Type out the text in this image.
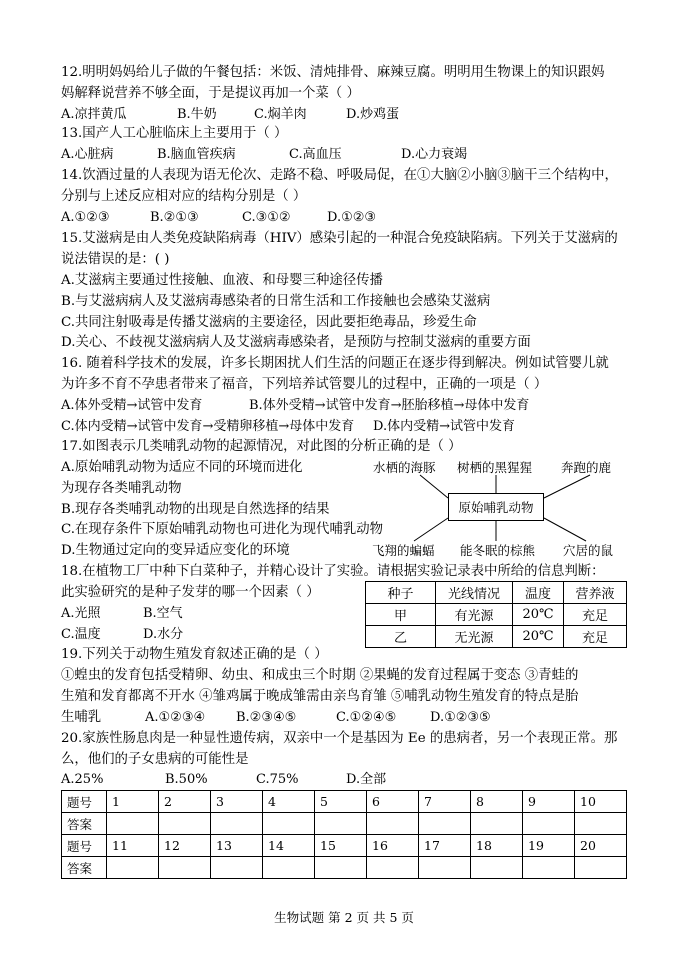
12.明明妈妈给儿子做的午餐包括：米饭、清炖排骨、麻辣豆腐。明明用生物课上的知识跟妈
妈解释说营养不够全面，于是提议再加一个菜（ ）
A.凉拌黄瓜	B.牛奶	C.焖羊肉	D.炒鸡蛋
13.国产人工心脏临床上主要用于（ ）
A.心脏病	B.脑血管疾病	C.高血压	D.心力衰竭
14.饮酒过量的人表现为语无伦次、走路不稳、呼吸局促，在①大脑②小脑③脑干三个结构中，
分别与上述反应相对应的结构分别是（ ）
A.①②③	B.②①③	C.③①②	D.①②③
15.艾滋病是由人类免疫缺陷病毒（HIV）感染引起的一种混合免疫缺陷病。下列关于艾滋病的
说法错误的是：( )
A.艾滋病主要通过性接触、血液、和母婴三种途径传播
B.与艾滋病病人及艾滋病毒感染者的日常生活和工作接触也会感染艾滋病
C.共同注射吸毒是传播艾滋病的主要途径，因此要拒绝毒品，珍爱生命
D.关心、不歧视艾滋病病人及艾滋病毒感染者，是预防与控制艾滋病的重要方面
16. 随着科学技术的发展，许多长期困扰人们生活的问题正在逐步得到解决。例如试管婴儿就
为许多不育不孕患者带来了福音，下列培养试管婴儿的过程中，正确的一项是（ ）
A.体外受精→试管中发育	B.体外受精→试管中发育→胚胎移植→母体中发育
C.体内受精→试管中发育→受精卵移植→母体中发育 D.体内受精→试管中发育
17.如图表示几类哺乳动物的起源情况，对此图的分析正确的是（ ）
A.原始哺乳动物为适应不同的环境而进化
为现存各类哺乳动物
B.现存各类哺乳动物的出现是自然选择的结果
C.在现存条件下原始哺乳动物也可进化为现代哺乳动物
D.生物通过定向的变异适应变化的环境
水栖的海豚 树栖的黑猩猩 奔跑的鹿
原始哺乳动物
飞翔的蝙蝠 能冬眠的棕熊 穴居的鼠
18.在植物工厂中种下白菜种子，并精心设计了实验。请根据实验记录表中所给的信息判断：
此实验研究的是种子发芽的哪一个因素（ ）
A.光照	B.空气
C.温度	D.水分
种子	光线情况	温度	营养液
甲	有光源	20℃	充足
乙	无光源	20℃	充足
19.下列关于动物生殖发育叙述正确的是（ ）
①蝗虫的发育包括受精卵、幼虫、和成虫三个时期 ②果蝇的发育过程属于变态 ③青蛙的
生殖和发育都离不开水 ④雏鸡属于晚成雏需由亲鸟育雏 ⑤哺乳动物生殖发育的特点是胎
生哺乳	A.①②③④ B.②③④⑤	C.①②④⑤	D.①②③⑤
20.家族性肠息肉是一种显性遗传病，双亲中一个是基因为 Ee 的患病者，另一个表现正常。那
么，他们的子女患病的可能性是
A.25%	B.50%	C.75%	D.全部
题号	1	2	3	4	5	6	7	8	9	10
答案										
题号	11	12	13	14	15	16	17	18	19	20
答案										
生物试题 第 2 页 共 5 页
